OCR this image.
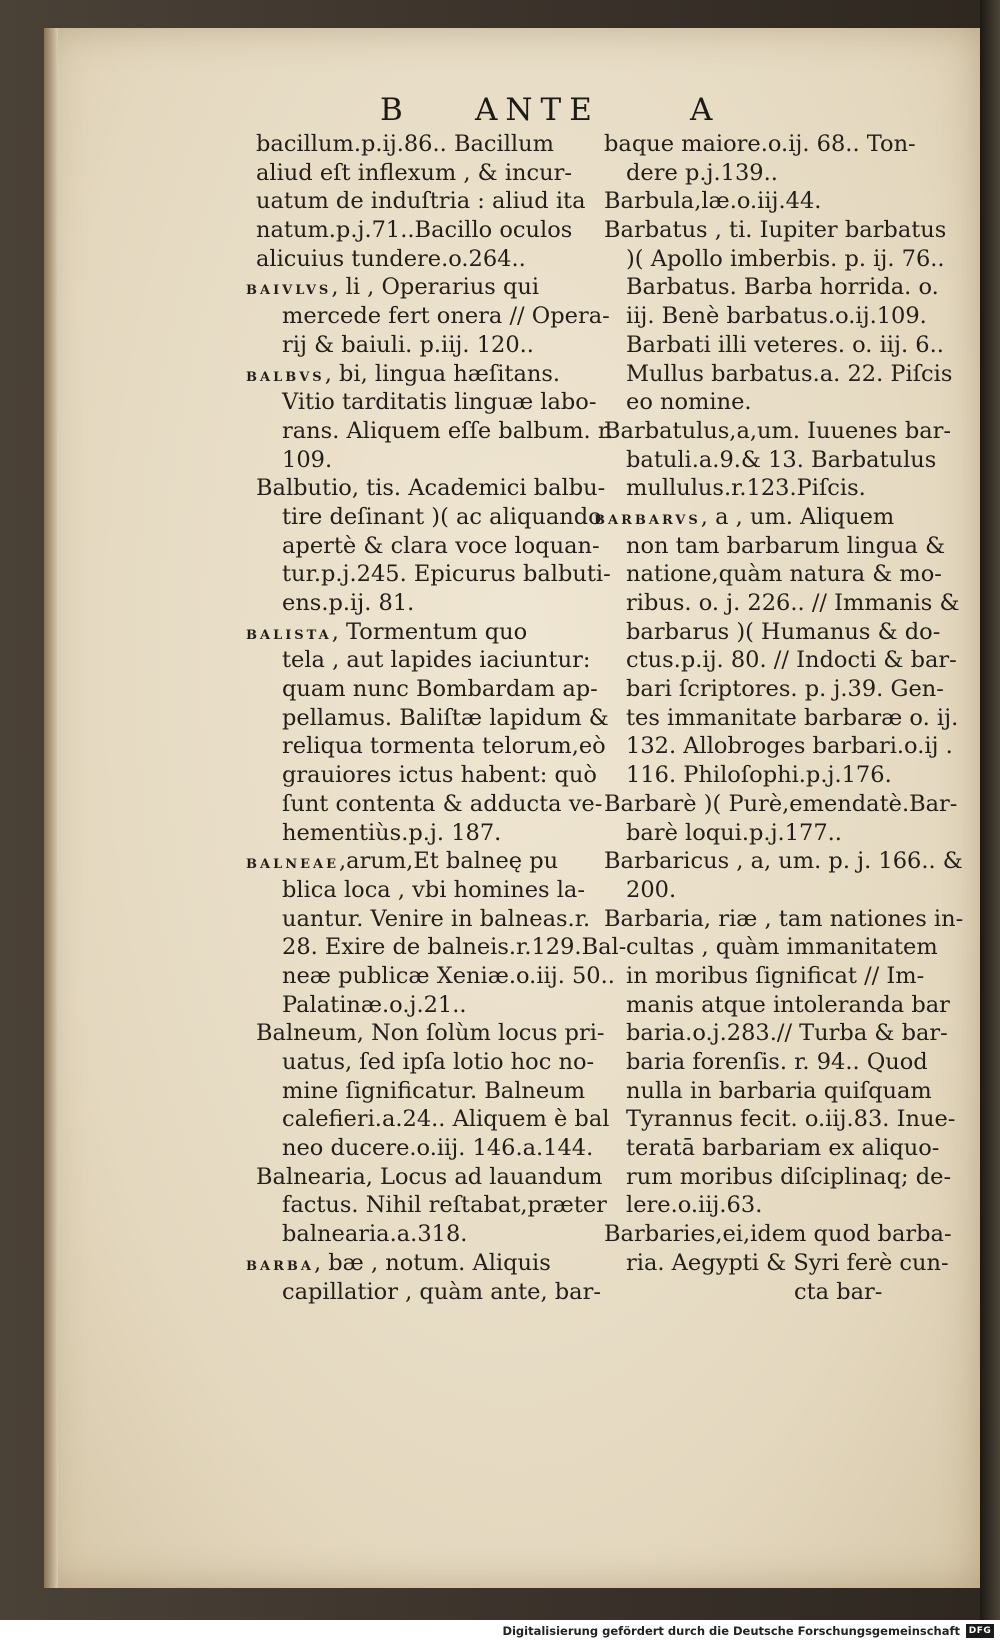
B ANTE	A
bacillum.p.ij.86.. Bacillum
aliud eſt inflexum , & incur-
uatum de induſtria : aliud ita
natum.p.j.71..Bacillo oculos
alicuius tundere.o.264..
BAIVLVS, li , Operarius qui
mercede fert onera // Opera-
rij & baiuli. p.iij. 120..
BALBVS, bi, lingua hæſitans.
Vitio tarditatis linguæ labo-
rans. Aliquem eſſe balbum. r.
109.
Balbutio, tis. Academici balbu-
tire deſinant )( ac aliquando
apertè & clara voce loquan-
tur.p.j.245. Epicurus balbuti-
ens.p.ij. 81.
BALISTA, Tormentum quo
tela , aut lapides iaciuntur:
quam nunc Bombardam ap-
pellamus. Baliſtæ lapidum &
reliqua tormenta telorum,eò
grauiores ictus habent: quò
ſunt contenta & adducta ve-
hementiùs.p.j. 187.
BALNEAE,arum,Et balneę pu
blica loca , vbi homines la-
uantur. Venire in balneas.r.
28. Exire de balneis.r.129.Bal-
neæ publicæ Xeniæ.o.iij. 50..
Palatinæ.o.j.21..
Balneum, Non ſolùm locus pri-
uatus, ſed ipſa lotio hoc no-
mine ſignificatur. Balneum
calefieri.a.24.. Aliquem è bal
neo ducere.o.iij. 146.a.144.
Balnearia, Locus ad lauandum
factus. Nihil reſtabat,præter
balnearia.a.318.
BARBA, bæ , notum. Aliquis
capillatior , quàm ante, bar-
baque maiore.o.ij. 68.. Ton-
dere p.j.139..
Barbula,læ.o.iij.44.
Barbatus , ti. Iupiter barbatus
)( Apollo imberbis. p. ij. 76..
Barbatus. Barba horrida. o.
iij. Benè barbatus.o.ij.109.
Barbati illi veteres. o. iij. 6..
Mullus barbatus.a. 22. Piſcis
eo nomine.
Barbatulus,a,um. Iuuenes bar-
batuli.a.9.& 13. Barbatulus
mullulus.r.123.Piſcis.
BARBARVS, a , um. Aliquem
non tam barbarum lingua &
natione,quàm natura & mo-
ribus. o. j. 226.. // Immanis &
barbarus )( Humanus & do-
ctus.p.ij. 80. // Indocti & bar-
bari ſcriptores. p. j.39. Gen-
tes immanitate barbaræ o. ij.
132. Allobroges barbari.o.ij .
116. Philoſophi.p.j.176.
Barbarè )( Purè,emendatè.Bar-
barè loqui.p.j.177..
Barbaricus , a, um. p. j. 166.. &
200.
Barbaria, riæ , tam nationes in-
cultas , quàm immanitatem
in moribus ſignificat // Im-
manis atque intoleranda bar
baria.o.j.283.// Turba & bar-
baria forenſis. r. 94.. Quod
nulla in barbaria quiſquam
Tyrannus fecit. o.iij.83. Inue-
teratā barbariam ex aliquo-
rum moribus diſciplinaq; de-
lere.o.iij.63.
Barbaries,ei,idem quod barba-
ria. Aegypti & Syri ferè cun-
cta bar-
Digitalisierung gefördert durch die Deutsche Forschungsgemeinschaft DFG
